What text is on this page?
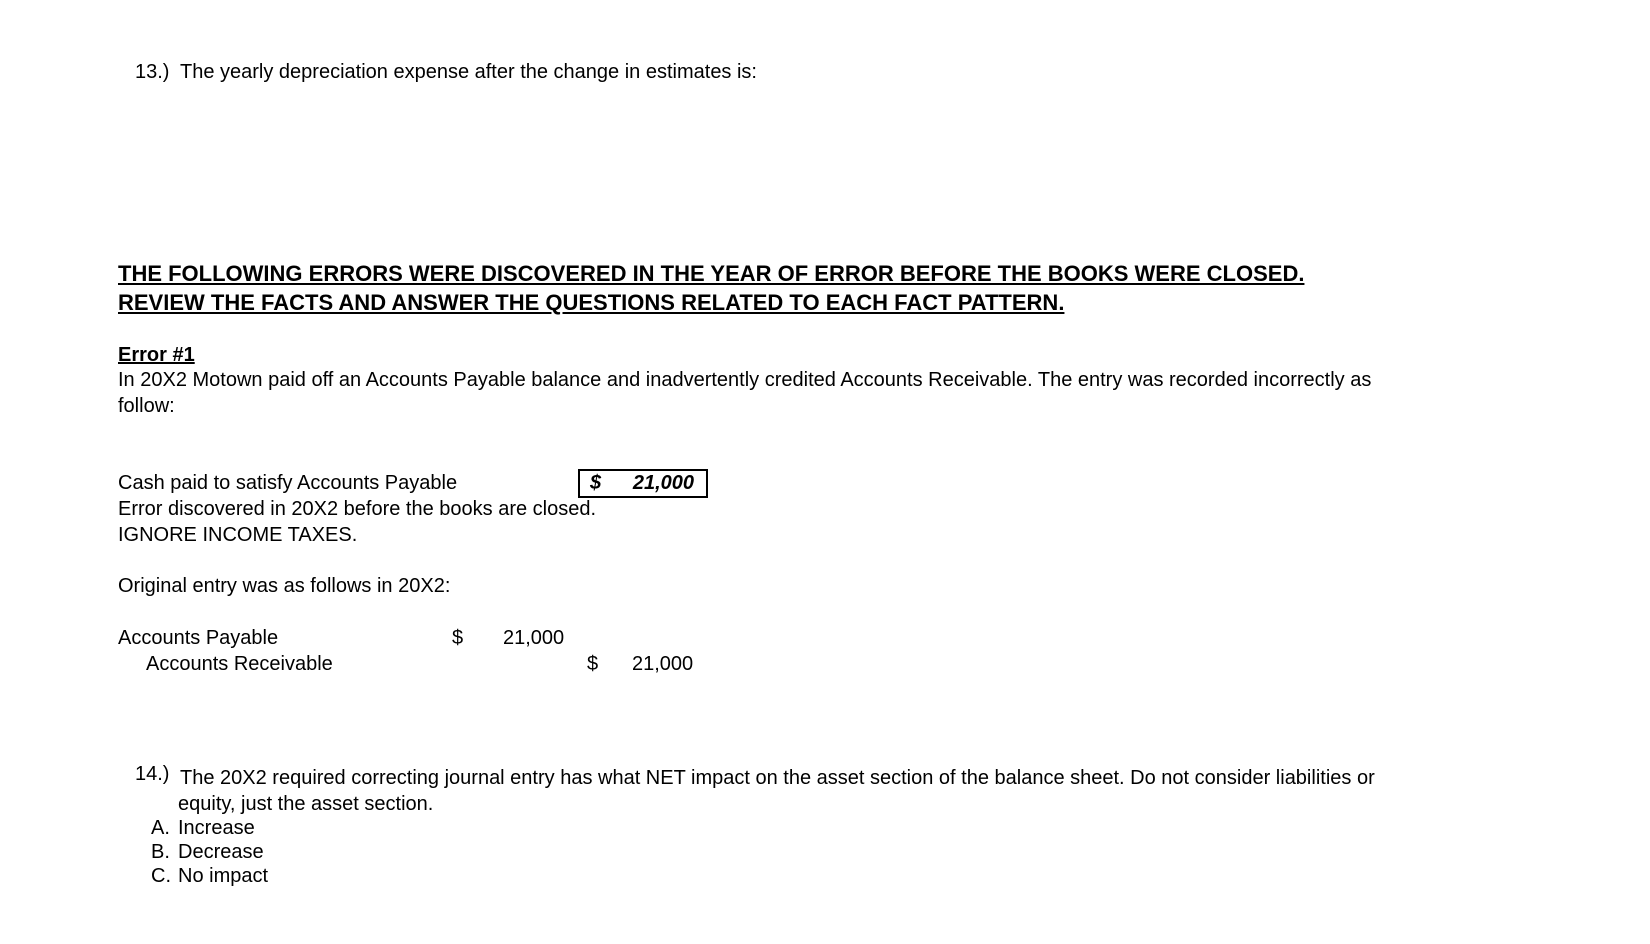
13.) The yearly depreciation expense after the change in estimates is:
THE FOLLOWING ERRORS WERE DISCOVERED IN THE YEAR OF ERROR BEFORE THE BOOKS WERE CLOSED.
REVIEW THE FACTS AND ANSWER THE QUESTIONS RELATED TO EACH FACT PATTERN.
Error #1
In 20X2 Motown paid off an Accounts Payable balance and inadvertently credited Accounts Receivable. The entry was recorded incorrectly as
follow:
Cash paid to satisfy Accounts Payable	$ 21,000
Error discovered in 20X2 before the books are closed.
IGNORE INCOME TAXES.
Original entry was as follows in 20X2:
Accounts Payable	$ 21,000
Accounts Receivable	$ 21,000
14.) The 20X2 required correcting journal entry has what NET impact on the asset section of the balance sheet. Do not consider liabilities or
equity, just the asset section.
A. Increase
B. Decrease
C. No impact
